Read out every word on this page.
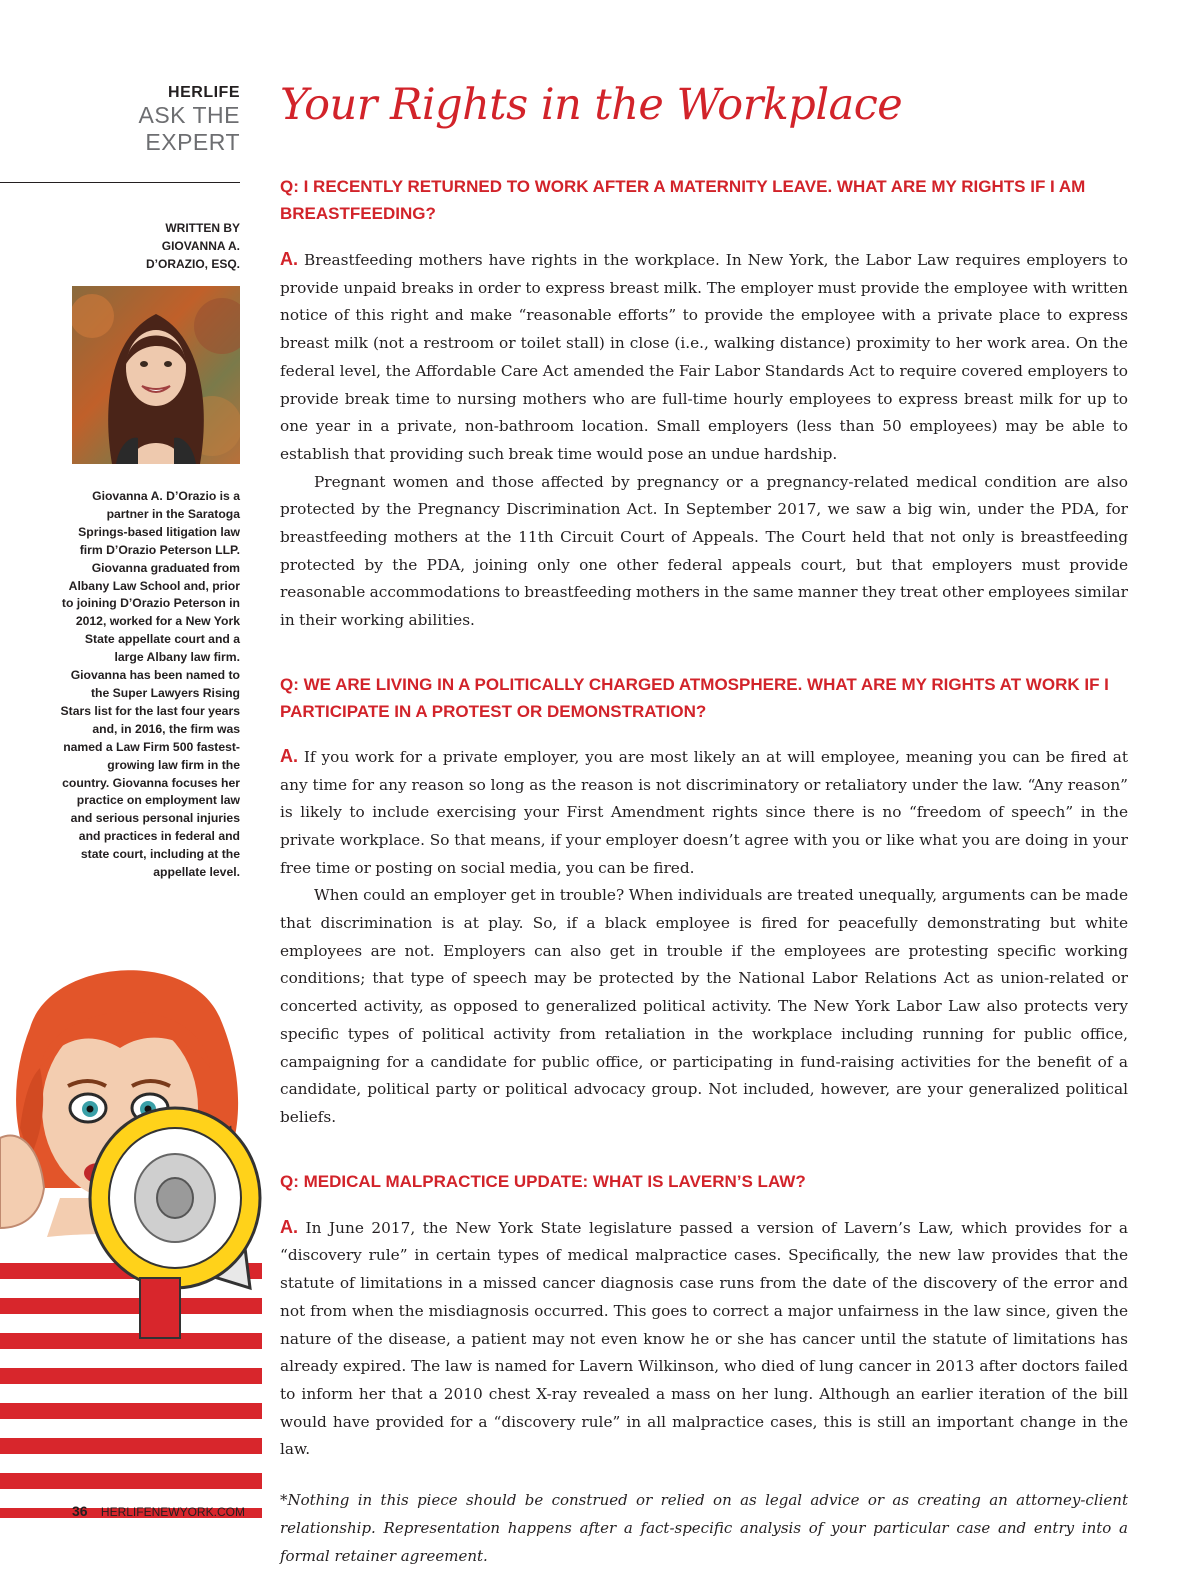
HERLIFE
ASK THE
EXPERT
WRITTEN BY
GIOVANNA A.
D’ORAZIO, ESQ.
Giovanna A. D’Orazio is a partner in the Saratoga Springs-based litigation law firm D’Orazio Peterson LLP. Giovanna graduated from Albany Law School and, prior to joining D’Orazio Peterson in 2012, worked for a New York State appellate court and a large Albany law firm. Giovanna has been named to the Super Lawyers Rising Stars list for the last four years and, in 2016, the firm was named a Law Firm 500 fastest-growing law firm in the country. Giovanna focuses her practice on employment law and serious personal injuries and practices in federal and state court, including at the appellate level.
Your Rights in the Workplace

Q: I RECENTLY RETURNED TO WORK AFTER A MATERNITY LEAVE. WHAT ARE MY RIGHTS IF I AM BREASTFEEDING?

A. Breastfeeding mothers have rights in the workplace. In New York, the Labor Law requires employers to provide unpaid breaks in order to express breast milk. The employer must provide the employee with written notice of this right and make “reasonable efforts” to provide the employee with a private place to express breast milk (not a restroom or toilet stall) in close (i.e., walking distance) proximity to her work area. On the federal level, the Affordable Care Act amended the Fair Labor Standards Act to require covered employers to provide break time to nursing mothers who are full-time hourly employees to express breast milk for up to one year in a private, non-bathroom location. Small employers (less than 50 employees) may be able to establish that providing such break time would pose an undue hardship.

Pregnant women and those affected by pregnancy or a pregnancy-related medical condition are also protected by the Pregnancy Discrimination Act. In September 2017, we saw a big win, under the PDA, for breastfeeding mothers at the 11th Circuit Court of Appeals. The Court held that not only is breastfeeding protected by the PDA, joining only one other federal appeals court, but that employers must provide reasonable accommodations to breastfeeding mothers in the same manner they treat other employees similar in their working abilities.

Q: WE ARE LIVING IN A POLITICALLY CHARGED ATMOSPHERE. WHAT ARE MY RIGHTS AT WORK IF I PARTICIPATE IN A PROTEST OR DEMONSTRATION?

A. If you work for a private employer, you are most likely an at will employee, meaning you can be fired at any time for any reason so long as the reason is not discriminatory or retaliatory under the law. “Any reason” is likely to include exercising your First Amendment rights since there is no “freedom of speech” in the private workplace. So that means, if your employer doesn’t agree with you or like what you are doing in your free time or posting on social media, you can be fired.

When could an employer get in trouble? When individuals are treated unequally, arguments can be made that discrimination is at play. So, if a black employee is fired for peacefully demonstrating but white employees are not. Employers can also get in trouble if the employees are protesting specific working conditions; that type of speech may be protected by the National Labor Relations Act as union-related or concerted activity, as opposed to generalized political activity. The New York Labor Law also protects very specific types of political activity from retaliation in the workplace including running for public office, campaigning for a candidate for public office, or participating in fund-raising activities for the benefit of a candidate, political party or political advocacy group. Not included, however, are your generalized political beliefs.

Q: MEDICAL MALPRACTICE UPDATE: WHAT IS LAVERN’S LAW?

A. In June 2017, the New York State legislature passed a version of Lavern’s Law, which provides for a “discovery rule” in certain types of medical malpractice cases. Specifically, the new law provides that the statute of limitations in a missed cancer diagnosis case runs from the date of the discovery of the error and not from when the misdiagnosis occurred. This goes to correct a major unfairness in the law since, given the nature of the disease, a patient may not even know he or she has cancer until the statute of limitations has already expired. The law is named for Lavern Wilkinson, who died of lung cancer in 2013 after doctors failed to inform her that a 2010 chest X-ray revealed a mass on her lung. Although an earlier iteration of the bill would have provided for a “discovery rule” in all malpractice cases, this is still an important change in the law.

*Nothing in this piece should be construed or relied on as legal advice or as creating an attorney-client relationship. Representation happens after a fact-specific analysis of your particular case and entry into a formal retainer agreement.

36 HERLIFENEWYORK.COM
